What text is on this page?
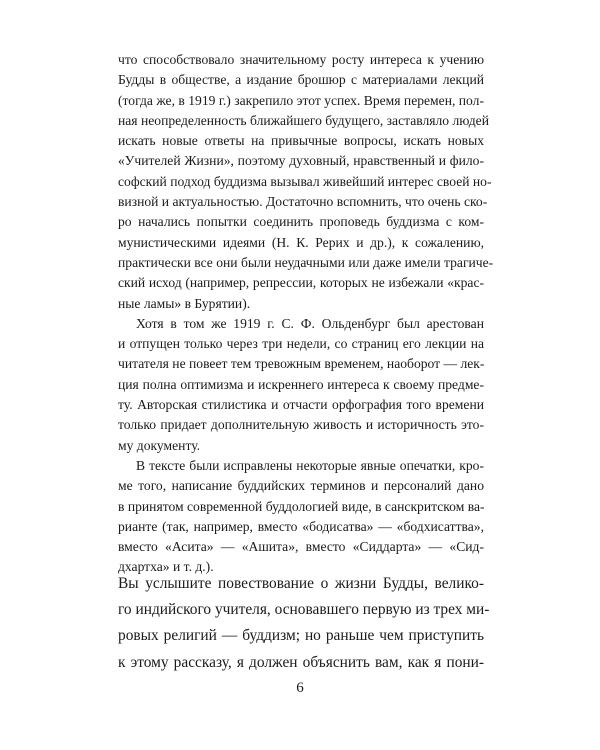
что способствовало значительному росту интереса к учению
Будды в обществе, а издание брошюр с материалами лекций
(тогда же, в 1919 г.) закрепило этот успех. Время перемен, пол-
ная неопределенность ближайшего будущего, заставляло людей
искать новые ответы на привычные вопросы, искать новых
«Учителей Жизни», поэтому духовный, нравственный и фило-
софский подход буддизма вызывал живейший интерес своей но-
визной и актуальностью. Достаточно вспомнить, что очень ско-
ро начались попытки соединить проповедь буддизма с ком-
мунистическими идеями (Н. К. Рерих и др.), к сожалению,
практически все они были неудачными или даже имели трагиче-
ский исход (например, репрессии, которых не избежали «крас-
ные ламы» в Бурятии).
Хотя в том же 1919 г. С. Ф. Ольденбург был арестован
и отпущен только через три недели, со страниц его лекции на
читателя не повеет тем тревожным временем, наоборот — лек-
ция полна оптимизма и искреннего интереса к своему предме-
ту. Авторская стилистика и отчасти орфография того времени
только придает дополнительную живость и историчность это-
му документу.
В тексте были исправлены некоторые явные опечатки, кро-
ме того, написание буддийских терминов и персоналий дано
в принятом современной буддологией виде, в санскритском ва-
рианте (так, например, вместо «бодисатва» — «бодхисаттва»,
вместо «Асита» — «Ашита», вместо «Сиддарта» — «Сид-
дхартха» и т. д.).
Вы услышите повествование о жизни Будды, велико-
го индийского учителя, основавшего первую из трех ми-
ровых религий — буддизм; но раньше чем приступить
к этому рассказу, я должен объяснить вам, как я пони-
6
